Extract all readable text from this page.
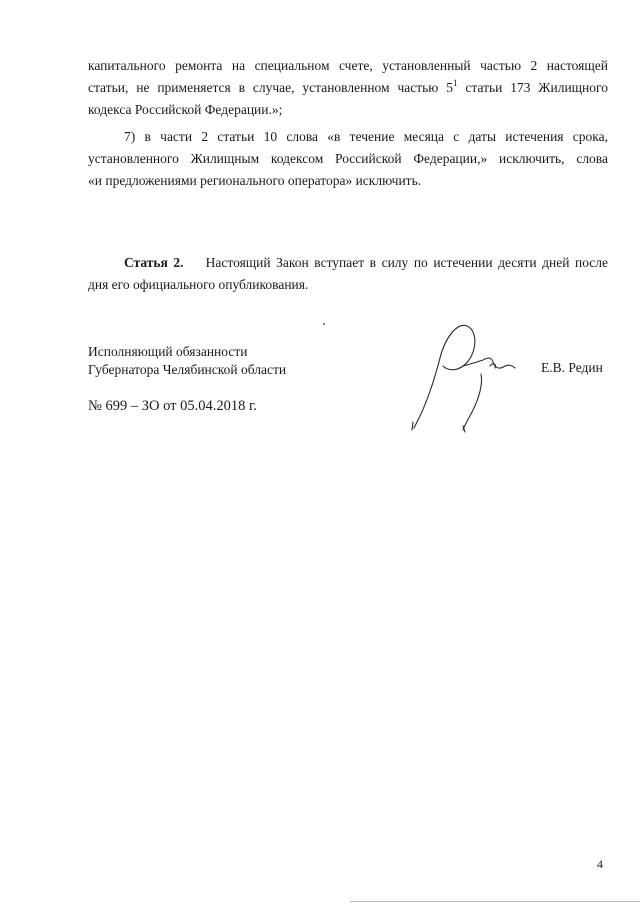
капитального ремонта на специальном счете, установленный частью 2 настоящей
статьи, не применяется в случае, установленном частью $5^1$ статьи 173 Жилищного
кодекса Российской Федерации.»;
7) в части 2 статьи 10 слова «в течение месяца с даты истечения срока,
установленного Жилищным кодексом Российской Федерации,» исключить, слова
«и предложениями регионального оператора» исключить.
Статья 2. Настоящий Закон вступает в силу по истечении десяти дней после
дня его официального опубликования.
Исполняющий обязанности
Губернатора Челябинской области	Е.В. Редин
№ 699 – ЗО от 05.04.2018 г.
4
